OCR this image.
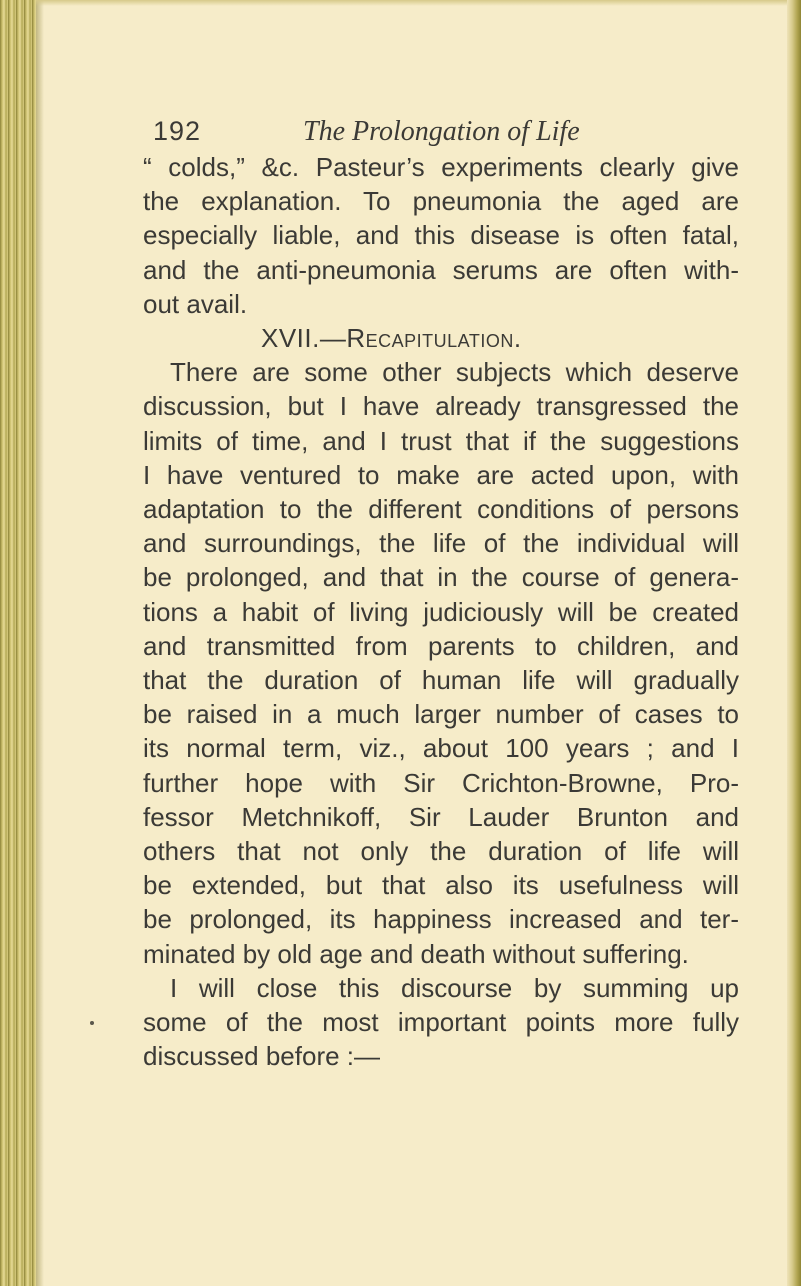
192	The Prolongation of Life
“ colds,” &c. Pasteur’s experiments clearly give
the explanation. To pneumonia the aged are
especially liable, and this disease is often fatal,
and the anti-pneumonia serums are often with-
out avail.
XVII.—Recapitulation.
There are some other subjects which deserve
discussion, but I have already transgressed the
limits of time, and I trust that if the suggestions
I have ventured to make are acted upon, with
adaptation to the different conditions of persons
and surroundings, the life of the individual will
be prolonged, and that in the course of genera-
tions a habit of living judiciously will be created
and transmitted from parents to children, and
that the duration of human life will gradually
be raised in a much larger number of cases to
its normal term, viz., about 100 years ; and I
further hope with Sir Crichton-Browne, Pro-
fessor Metchnikoff, Sir Lauder Brunton and
others that not only the duration of life will
be extended, but that also its usefulness will
be prolonged, its happiness increased and ter-
minated by old age and death without suffering.
I will close this discourse by summing up
some of the most important points more fully
discussed before :—
